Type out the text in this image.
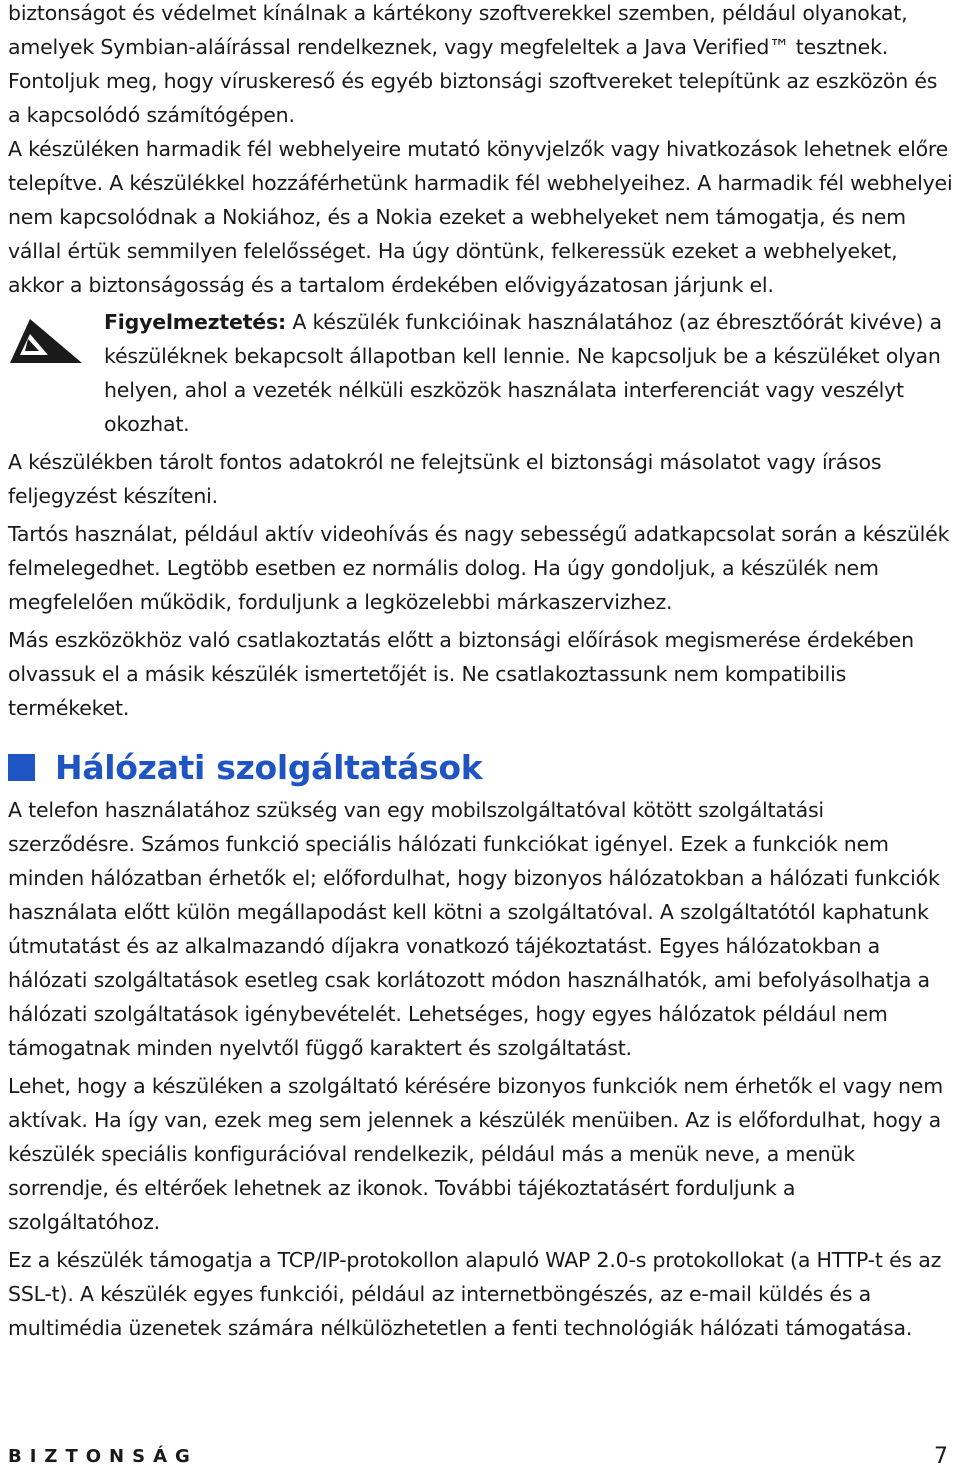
biztonságot és védelmet kínálnak a kártékony szoftverekkel szemben, például olyanokat, amelyek Symbian-aláírással rendelkeznek, vagy megfeleltek a Java Verified™ tesztnek. Fontoljuk meg, hogy víruskereső és egyéb biztonsági szoftvereket telepítünk az eszközön és a kapcsolódó számítógépen.

A készüléken harmadik fél webhelyeire mutató könyvjelzők vagy hivatkozások lehetnek előre telepítve. A készülékkel hozzáférhetünk harmadik fél webhelyeihez. A harmadik fél webhelyei nem kapcsolódnak a Nokiához, és a Nokia ezeket a webhelyeket nem támogatja, és nem vállal értük semmilyen felelősséget. Ha úgy döntünk, felkeressük ezeket a webhelyeket, akkor a biztonságosság és a tartalom érdekében elővigyázatosan járjunk el.

Figyelmeztetés: A készülék funkcióinak használatához (az ébresztőórát kivéve) a készüléknek bekapcsolt állapotban kell lennie. Ne kapcsoljuk be a készüléket olyan helyen, ahol a vezeték nélküli eszközök használata interferenciát vagy veszélyt okozhat.

A készülékben tárolt fontos adatokról ne felejtsünk el biztonsági másolatot vagy írásos feljegyzést készíteni.

Tartós használat, például aktív videohívás és nagy sebességű adatkapcsolat során a készülék felmelegedhet. Legtöbb esetben ez normális dolog. Ha úgy gondoljuk, a készülék nem megfelelően működik, forduljunk a legközelebbi márkaszervizhez.

Más eszközökhöz való csatlakoztatás előtt a biztonsági előírások megismerése érdekében olvassuk el a másik készülék ismertetőjét is. Ne csatlakoztassunk nem kompatibilis termékeket.

Hálózati szolgáltatások

A telefon használatához szükség van egy mobilszolgáltatóval kötött szolgáltatási szerződésre. Számos funkció speciális hálózati funkciókat igényel. Ezek a funkciók nem minden hálózatban érhetők el; előfordulhat, hogy bizonyos hálózatokban a hálózati funkciók használata előtt külön megállapodást kell kötni a szolgáltatóval. A szolgáltatótól kaphatunk útmutatást és az alkalmazandó díjakra vonatkozó tájékoztatást. Egyes hálózatokban a hálózati szolgáltatások esetleg csak korlátozott módon használhatók, ami befolyásolhatja a hálózati szolgáltatások igénybevételét. Lehetséges, hogy egyes hálózatok például nem támogatnak minden nyelvtől függő karaktert és szolgáltatást.

Lehet, hogy a készüléken a szolgáltató kérésére bizonyos funkciók nem érhetők el vagy nem aktívak. Ha így van, ezek meg sem jelennek a készülék menüiben. Az is előfordulhat, hogy a készülék speciális konfigurációval rendelkezik, például más a menük neve, a menük sorrendje, és eltérőek lehetnek az ikonok. További tájékoztatásért forduljunk a szolgáltatóhoz.

Ez a készülék támogatja a TCP/IP-protokollon alapuló WAP 2.0-s protokollokat (a HTTP-t és az SSL-t). A készülék egyes funkciói, például az internetböngészés, az e-mail küldés és a multimédia üzenetek számára nélkülözhetetlen a fenti technológiák hálózati támogatása.

BIZTONSÁG	7
